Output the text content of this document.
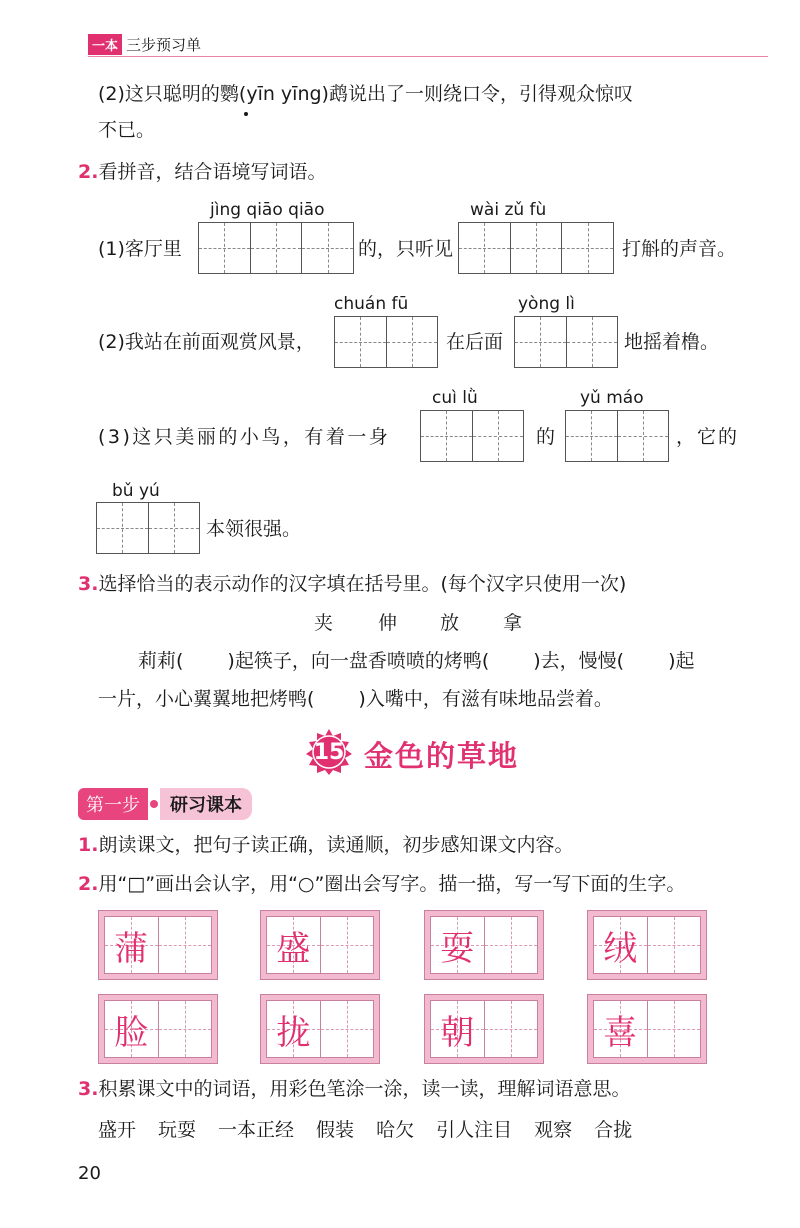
一本 三步预习单
(2)这只聪明的鹦(yīn yīng)鹉说出了一则绕口令，引得观众惊叹
不已。
2.看拼音，结合语境写词语。
jìng qiāo qiāo	wài zǔ fù
(1)客厅里	的，只听见	打斛的声音。
chuán fū	yòng lì
(2)我站在前面观赏风景，	在后面	地摇着橹。
cuì lǜ	yǔ máo
(3)这只美丽的小鸟，有着一身	的	，它的
bǔ yú
本领很强。
3.选择恰当的表示动作的汉字填在括号里。(每个汉字只使用一次)
夹 伸 放 拿
莉莉( )起筷子，向一盘香喷喷的烤鸭( )去，慢慢( )起
一片，小心翼翼地把烤鸭( )入嘴中，有滋有味地品尝着。
15 金色的草地
第一步	研习课本
1.朗读课文，把句子读正确，读通顺，初步感知课文内容。
2.用“□”画出会认字，用“○”圈出会写字。描一描，写一写下面的生字。
蒲	盛	耍	绒
脸	拢	朝	喜
3.积累课文中的词语，用彩色笔涂一涂，读一读，理解词语意思。
盛开 玩耍 一本正经 假装 哈欠 引人注目 观察 合拢
20
